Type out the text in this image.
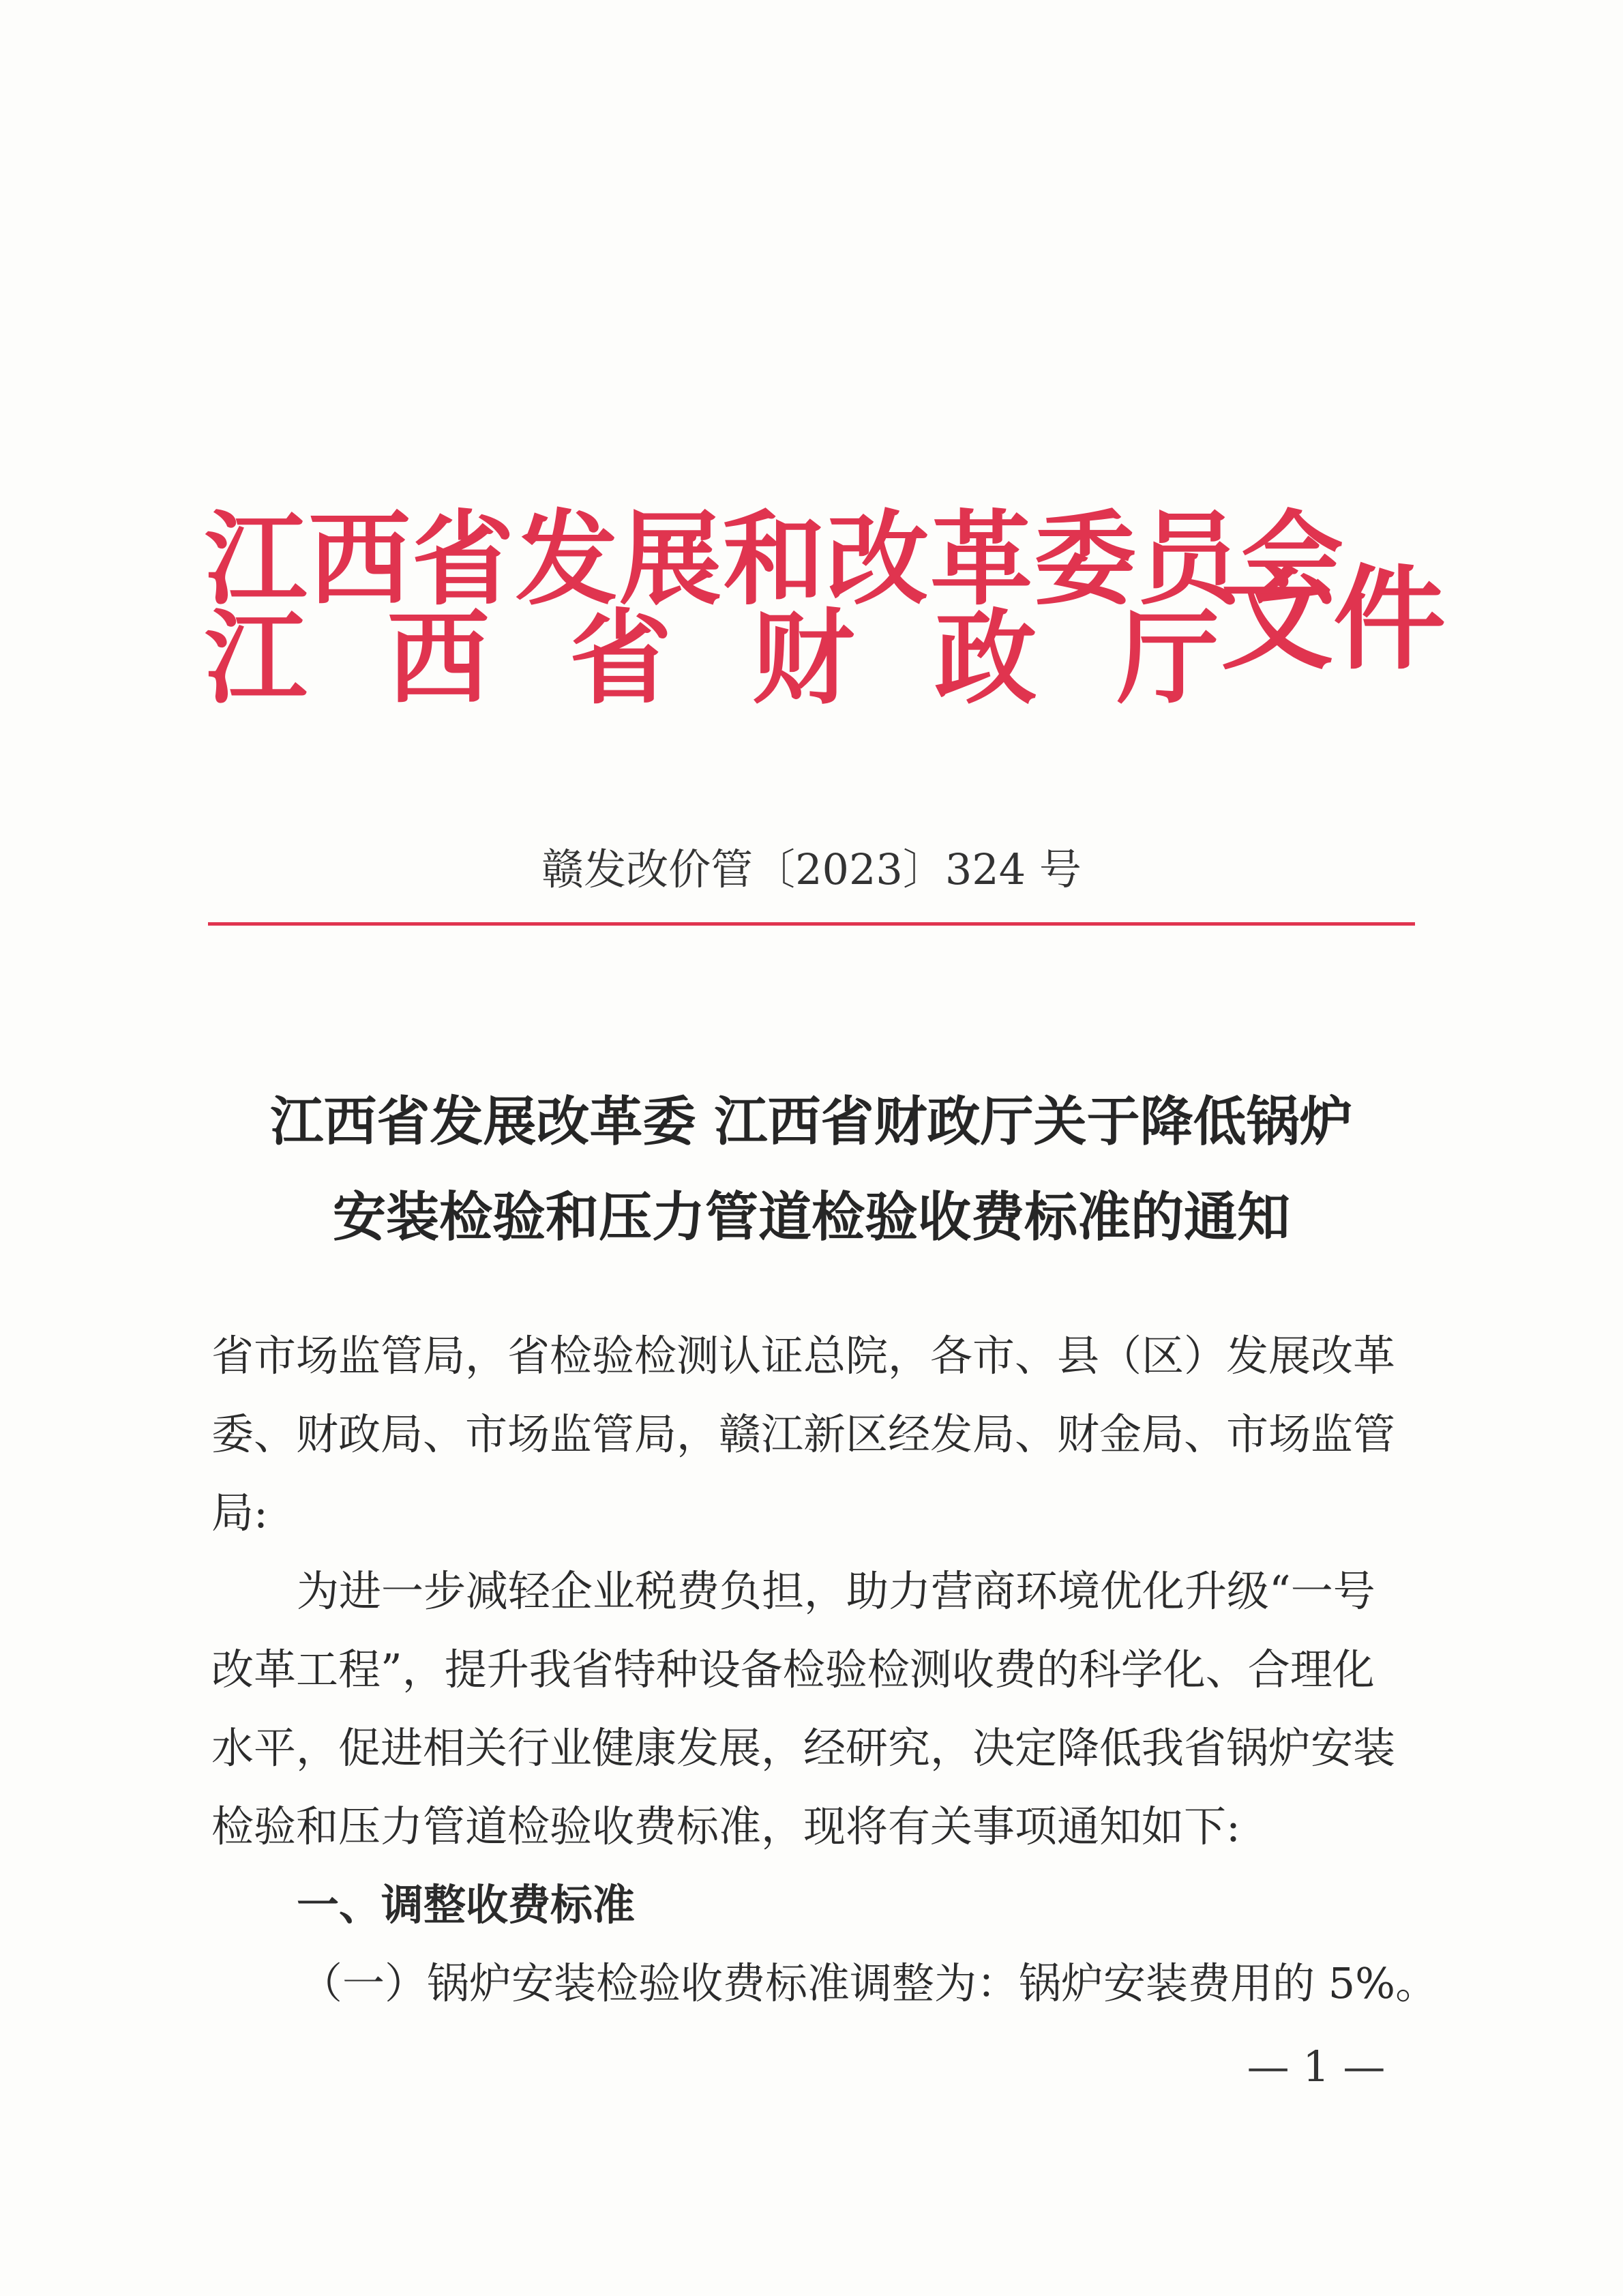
江西省发展和改革委员会
江 西 省 财 政 厅 文件
赣发改价管〔2023〕324 号
江西省发展改革委 江西省财政厅关于降低锅炉
安装检验和压力管道检验收费标准的通知
省市场监管局，省检验检测认证总院，各市、县（区）发展改革
委、财政局、市场监管局，赣江新区经发局、财金局、市场监管
局:
为进一步减轻企业税费负担，助力营商环境优化升级“一号
改革工程”，提升我省特种设备检验检测收费的科学化、合理化
水平，促进相关行业健康发展，经研究，决定降低我省锅炉安装
检验和压力管道检验收费标准，现将有关事项通知如下:
一、调整收费标准
（一）锅炉安装检验收费标准调整为：锅炉安装费用的 5%。
— 1 —
